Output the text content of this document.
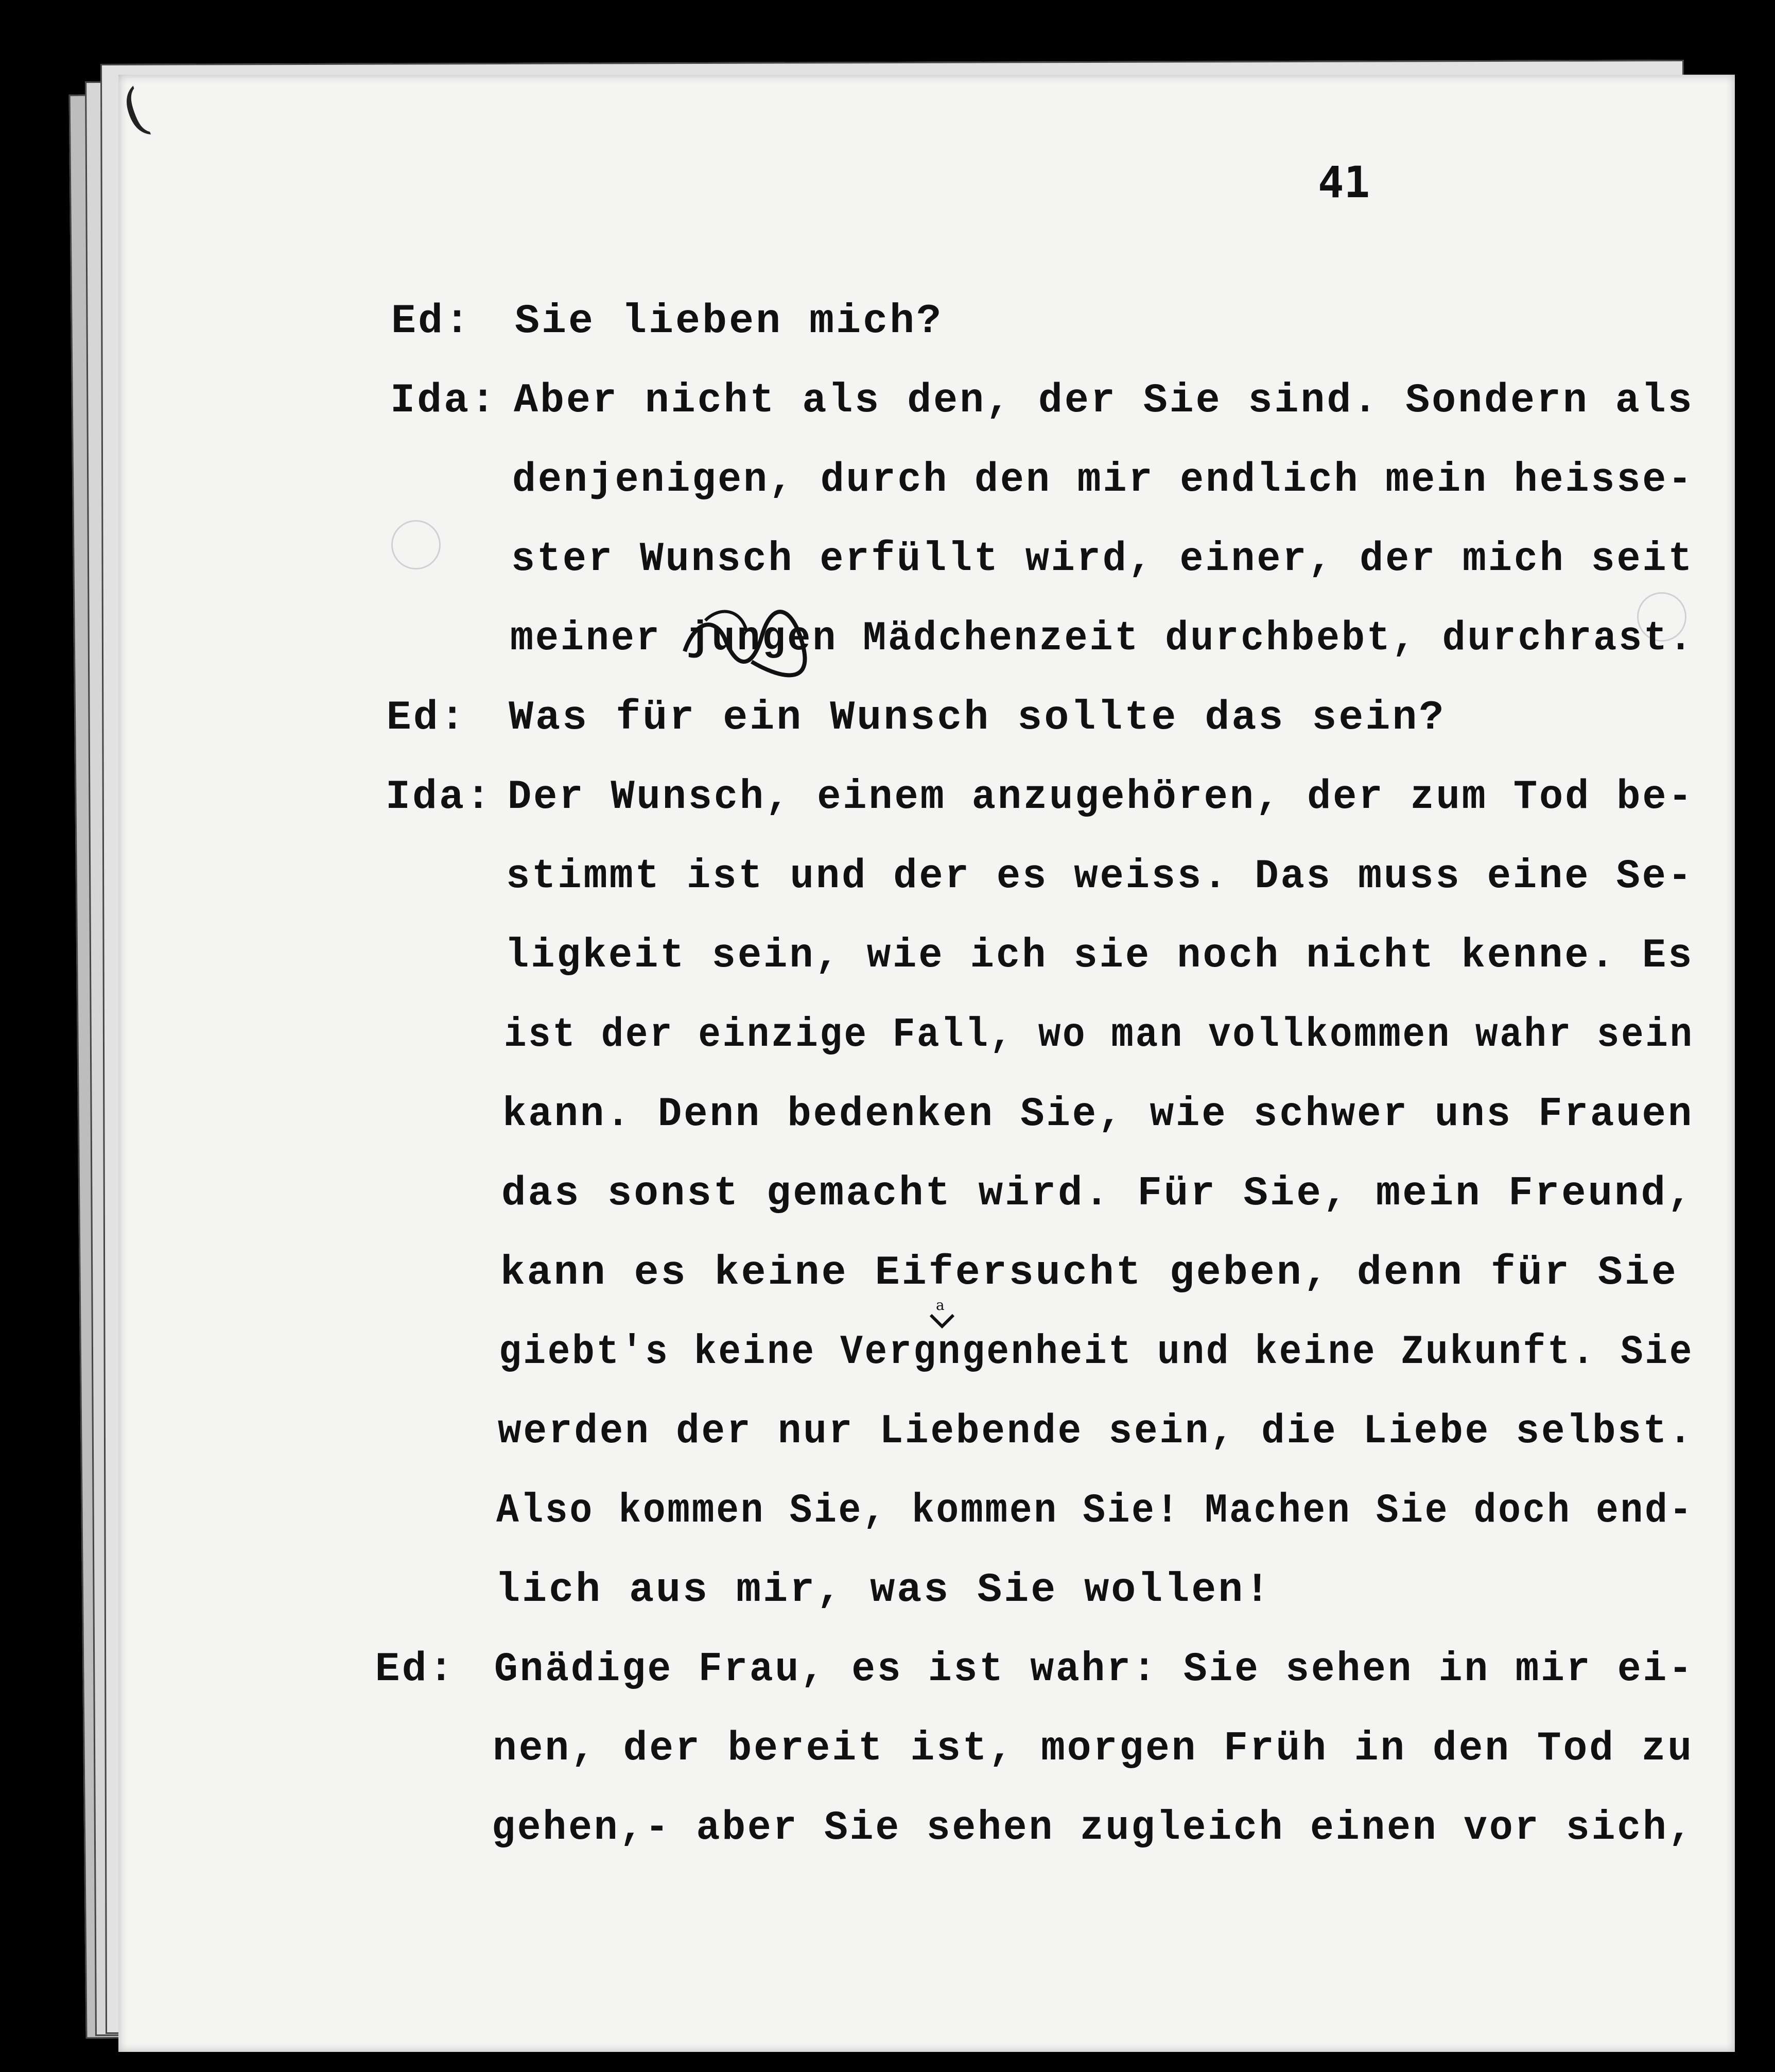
(
41
Ed: Sie lieben mich?
Ida: Aber nicht als den, der Sie sind. Sondern als
denjenigen, durch den mir endlich mein heisse-
ster Wunsch erfüllt wird, einer, der mich seit
meiner jungen Mädchenzeit durchbebt, durchrast.
Ed: Was für ein Wunsch sollte das sein?
Ida: Der Wunsch, einem anzugehören, der zum Tod be-
stimmt ist und der es weiss. Das muss eine Se-
ligkeit sein, wie ich sie noch nicht kenne. Es
ist der einzige Fall, wo man vollkommen wahr sein
kann. Denn bedenken Sie, wie schwer uns Frauen
das sonst gemacht wird. Für Sie, mein Freund,
kann es keine Eifersucht geben, denn für Sie
giebt's keine Vergngenheit und keine Zukunft. Sie
werden der nur Liebende sein, die Liebe selbst.
Also kommen Sie, kommen Sie! Machen Sie doch end-
lich aus mir, was Sie wollen!
Ed: Gnädige Frau, es ist wahr: Sie sehen in mir ei-
nen, der bereit ist, morgen Früh in den Tod zu
gehen,- aber Sie sehen zugleich einen vor sich,
a
